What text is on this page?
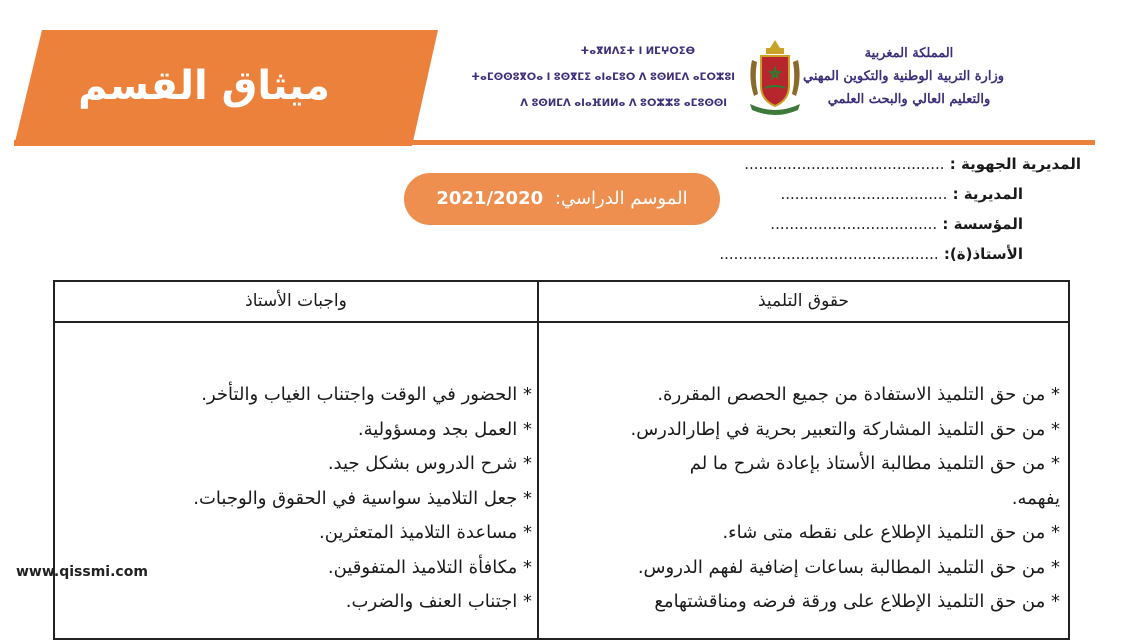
ميثاق القسم
ⵜⴰⴳⵍⴷⵉⵜ ⵏ ⵍⵎⵖⵔⵉⴱ
ⵜⴰⵎⵙⵙⵓⴳⵔⴰ ⵏ ⵓⵙⴳⵎⵉ ⴰⵏⴰⵎⵓⵔ ⴷ ⵓⵙⵍⵎⴷ ⴰⵎⵔⵣⵓⵏ
ⴷ ⵓⵙⵍⵎⴷ ⴰⵏⴰⴼⵍⵍⴰ ⴷ ⵓⵔⵣⵣⵓ ⴰⵎⵓⵙⵙⵏ
المملكة المغربية
وزارة التربية الوطنية والتكوين المهني
والتعليم العالي والبحث العلمي
المديرية الجهوية : ..........................................
المديرية : ...................................
المؤسسة : ...................................
الأستاذ(ة): ..............................................
الموسم الدراسي: 2021/2020
حقوق التلميذ
واجبات الأستاذ
* من حق التلميذ الاستفادة من جميع الحصص المقررة.
* من حق التلميذ المشاركة والتعبير بحرية في إطارالدرس.
* من حق التلميذ مطالبة الأستاذ بإعادة شرح ما لم
يفهمه.
* من حق التلميذ الإطلاع على نقطه متى شاء.
* من حق التلميذ المطالبة بساعات إضافية لفهم الدروس.
* من حق التلميذ الإطلاع على ورقة فرضه ومناقشتهامع
* الحضور في الوقت واجتناب الغياب والتأخر.
* العمل بجد ومسؤولية.
* شرح الدروس بشكل جيد.
* جعل التلاميذ سواسية في الحقوق والوجبات.
* مساعدة التلاميذ المتعثرين.
* مكافأة التلاميذ المتفوقين.
* اجتناب العنف والضرب.
www.qissmi.com
